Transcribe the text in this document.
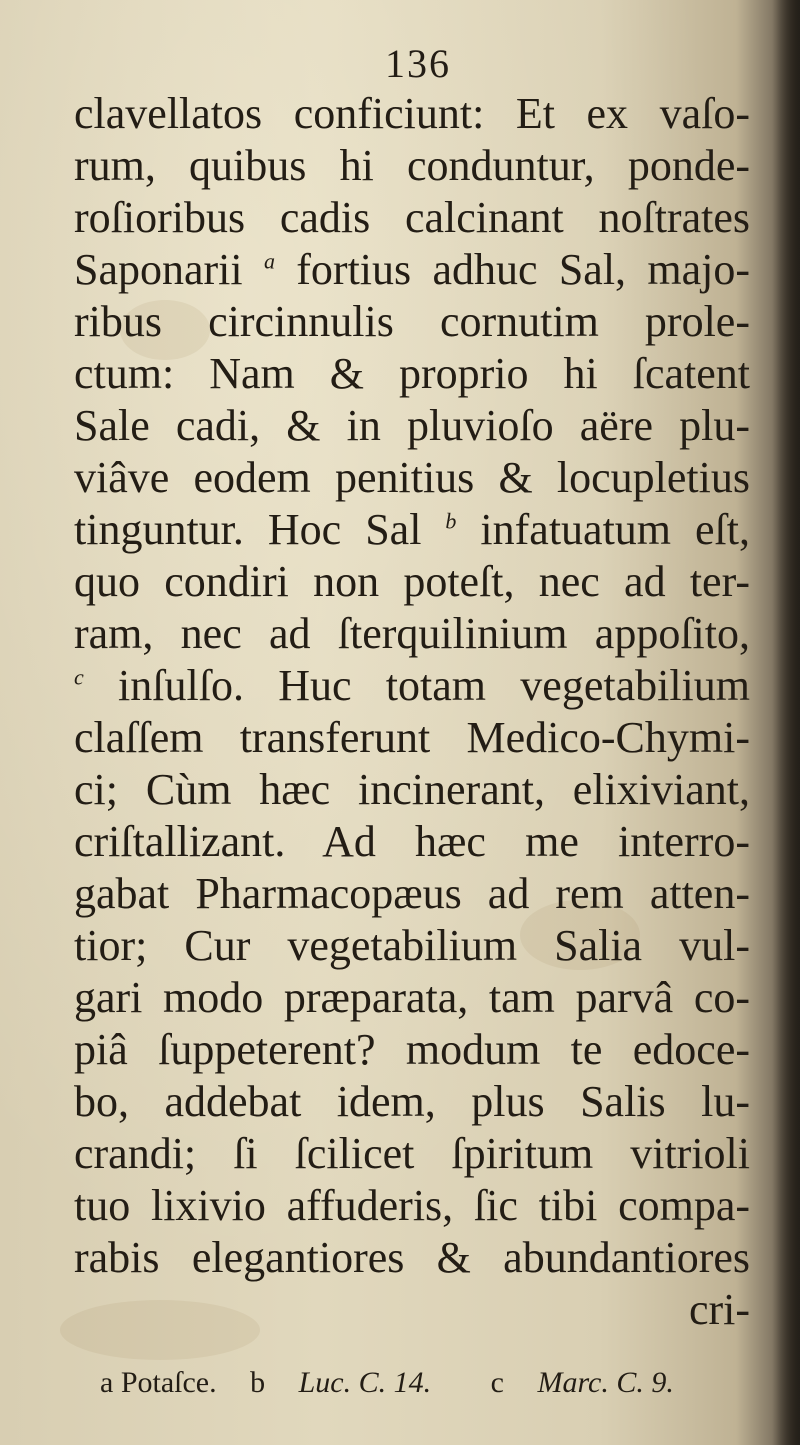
136
clavellatos conficiunt: Et ex vaſo-
rum, quibus hi conduntur, ponde-
roſioribus cadis calcinant noſtrates
Saponarii $^a$ fortius adhuc Sal, majo-
ribus circinnulis cornutim prole-
ctum: Nam & proprio hi ſcatent
Sale cadi, & in pluvioſo aëre plu-
viâve eodem penitius & locupletius
tinguntur. Hoc Sal $^b$ infatuatum eſt,
quo condiri non poteſt, nec ad ter-
ram, nec ad ſterquilinium appoſito,
$^c$ inſulſo. Huc totam vegetabilium
claſſem transferunt Medico-Chymi-
ci; Cùm hæc incinerant, elixiviant,
criſtallizant. Ad hæc me interro-
gabat Pharmacopæus ad rem atten-
tior; Cur vegetabilium Salia vul-
gari modo præparata, tam parvâ co-
piâ ſuppeterent? modum te edoce-
bo, addebat idem, plus Salis lu-
crandi; ſi ſcilicet ſpiritum vitrioli
tuo lixivio affuderis, ſic tibi compa-
rabis elegantiores & abundantiores
cri-
a Potaſce. b Luc. C. 14. c Marc. C. 9.
